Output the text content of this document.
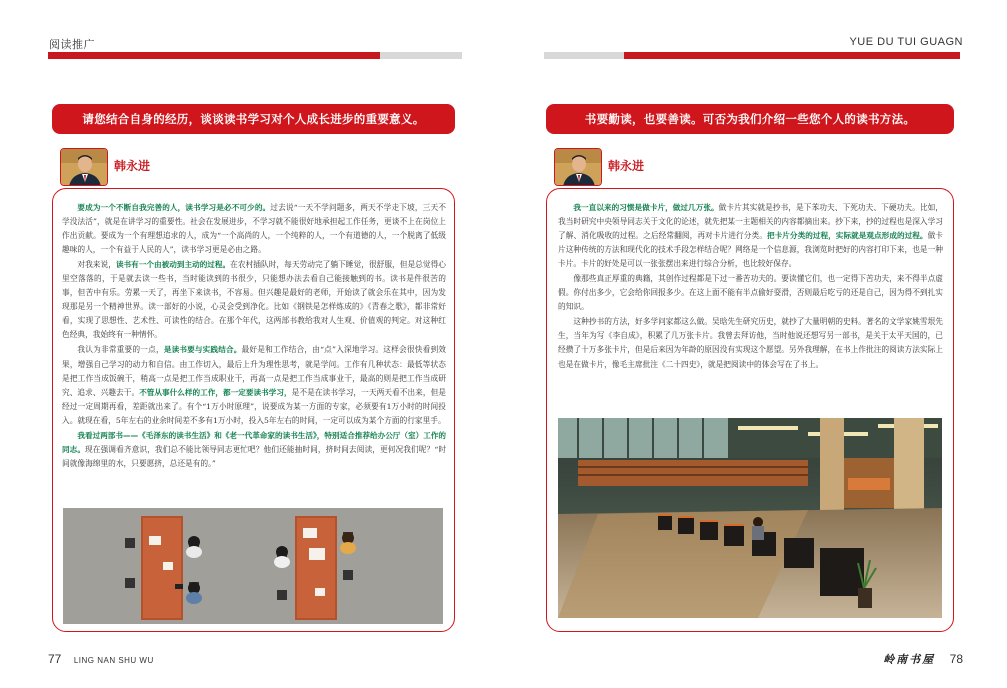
阅读推广
请您结合自身的经历，谈谈读书学习对个人成长进步的重要意义。
韩永进

要成为一个不断自我完善的人，读书学习是必不可少的。过去说“一天不学问题多，两天不学走下坡，三天不学没法活”，就是在讲学习的重要性。社会在发展进步，不学习就不能很好地承担起工作任务，更谈不上在岗位上作出贡献。要成为一个有理想追求的人，成为“一个高尚的人，一个纯粹的人，一个有道德的人，一个脱离了低级趣味的人，一个有益于人民的人”，读书学习更是必由之路。

对我来说，读书有一个由被动到主动的过程。在农村插队时，每天劳动完了躺下睡觉，很舒服，但是总觉得心里空落落的，于是就去读一些书，当时能读到的书很少，只能想办法去看自己能接触到的书。读书是件很苦的事，但苦中有乐。劳累一天了，再坐下来读书，不容易。但兴趣是最好的老师，开始读了就会乐在其中，因为发现那是另一个精神世界。读一部好的小说，心灵会受到净化。比如《钢铁是怎样炼成的》《青春之歌》，都非常好看，实现了思想性、艺术性、可读性的结合。在那个年代，这两部书教给我对人生观、价值观的判定。对这种红色经典，我始终有一种情怀。

我认为非常重要的一点，是读书要与实践结合。最好是和工作结合，由“点”入深地学习。这样会很快看到效果，增强自己学习的动力和自信。由工作切入，最后上升为理性思考，就是学问。工作有几种状态：最低等状态是把工作当成饭碗干，稍高一点是把工作当成职业干，再高一点是把工作当成事业干，最高的则是把工作当成研究、追求、兴趣去干。不管从事什么样的工作，都一定要读书学习，是不是在读书学习，一天两天看不出来，但是经过一定周期再看，差距就出来了。有个“1万小时原理”，说要成为某一方面的专家，必须要有1万小时的时间投入。就现在看，5年左右的业余时间差不多有1万小时，投入5年左右的时间，一定可以成为某个方面的行家里手。

我看过两部书——《毛泽东的读书生活》和《老一代革命家的读书生活》，特别适合推荐给办公厅（室）工作的同志。现在强调看齐意识，我们总不能比领导同志更忙吧？他们还能抽时间，挤时间去阅读，更何况我们呢？“时间就像海绵里的水，只要愿挤，总还是有的。”

77 LING NAN SHU WU
YUE DU TUI GUAGN
书要勤读，也要善读。可否为我们介绍一些您个人的读书方法。
韩永进

我一直以来的习惯是做卡片，做过几万张。做卡片其实就是抄书，是下苯功夫、下死功夫、下硬功夫。比如，我当时研究中央领导同志关于文化的论述，就先把某一主题相关的内容都摘出来。抄下来，抄的过程也是深入学习了解、消化吸收的过程。之后经常翻阅，再对卡片进行分类。把卡片分类的过程，实际就是观点形成的过程。做卡片这种传统的方法和现代化的技术手段怎样结合呢？网络是一个信息源，我浏览时把好的内容打印下来，也是一种卡片。卡片的好处是可以一张张摆出来进行综合分析，也比较好保存。

像那些真正厚重的典籍，其创作过程都是下过一番苦功夫的。要读懂它们，也一定得下苦功夫，来不得半点虚假。你付出多少，它会给你回报多少。在这上面不能有半点偷好耍滑，否则最后吃亏的还是自己，因为得不到扎实的知识。

这种抄书的方法，好多学问家都这么做。吴晗先生研究历史，就抄了大量明朝的史料。著名的文学家姚雪垠先生，当年为写《李自成》，积累了几万张卡片。我曾去拜访他，当时他说还想写另一部书，是关于太平天国的，已经攒了十万多张卡片，但是后来因为年龄的原因没有实现这个愿望。另外我理解，在书上作批注的阅读方法实际上也是在做卡片，像毛主席批注《二十四史》，就是把阅读中的体会写在了书上。

岭南书屋 78
